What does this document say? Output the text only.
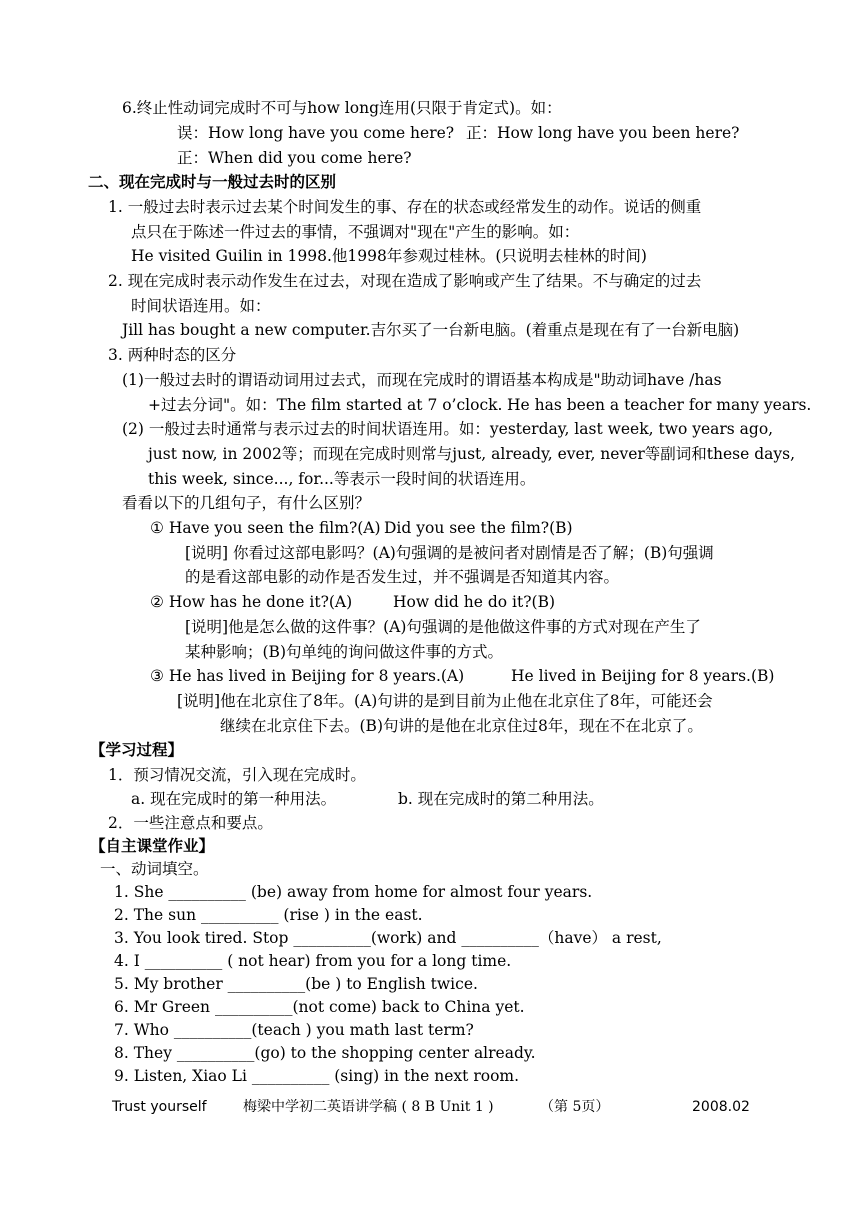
6.终止性动词完成时不可与how long连用(只限于肯定式)。如：
误：How long have you come here? 正：How long have you been here?
正：When did you come here?
二、现在完成时与一般过去时的区别
1. 一般过去时表示过去某个时间发生的事、存在的状态或经常发生的动作。说话的侧重
点只在于陈述一件过去的事情，不强调对"现在"产生的影响。如：
He visited Guilin in 1998.他1998年参观过桂林。(只说明去桂林的时间)
2. 现在完成时表示动作发生在过去，对现在造成了影响或产生了结果。不与确定的过去
时间状语连用。如：
Jill has bought a new computer.吉尔买了一台新电脑。(着重点是现在有了一台新电脑)
3. 两种时态的区分
(1)一般过去时的谓语动词用过去式，而现在完成时的谓语基本构成是"助动词have /has
+过去分词"。如：The film started at 7 o’clock. He has been a teacher for many years.
(2) 一般过去时通常与表示过去的时间状语连用。如：yesterday, last week, two years ago,
just now, in 2002等；而现在完成时则常与just, already, ever, never等副词和these days,
this week, since..., for...等表示一段时间的状语连用。
看看以下的几组句子，有什么区别？
① Have you seen the film?(A) Did you see the film?(B)
[说明] 你看过这部电影吗？(A)句强调的是被问者对剧情是否了解；(B)句强调
的是看这部电影的动作是否发生过，并不强调是否知道其内容。
② How has he done it?(A)	How did he do it?(B)
[说明]他是怎么做的这件事？(A)句强调的是他做这件事的方式对现在产生了
某种影响；(B)句单纯的询问做这件事的方式。
③ He has lived in Beijing for 8 years.(A)	He lived in Beijing for 8 years.(B)
[说明]他在北京住了8年。(A)句讲的是到目前为止他在北京住了8年，可能还会
继续在北京住下去。(B)句讲的是他在北京住过8年，现在不在北京了。
【学习过程】
1．预习情况交流，引入现在完成时。
a. 现在完成时的第一种用法。	b. 现在完成时的第二种用法。
2．一些注意点和要点。
【自主课堂作业】
一、动词填空。
1. She __________ (be) away from home for almost four years.
2. The sun __________ (rise ) in the east.
3. You look tired. Stop __________(work) and __________（have） a rest,
4. I __________ ( not hear) from you for a long time.
5. My brother __________(be ) to English twice.
6. Mr Green __________(not come) back to China yet.
7. Who __________(teach ) you math last term?
8. They __________(go) to the shopping center already.
9. Listen, Xiao Li __________ (sing) in the next room.
Trust yourself	梅梁中学初二英语讲学稿 ( 8 B Unit 1 )	（第 5页）	2008.02
